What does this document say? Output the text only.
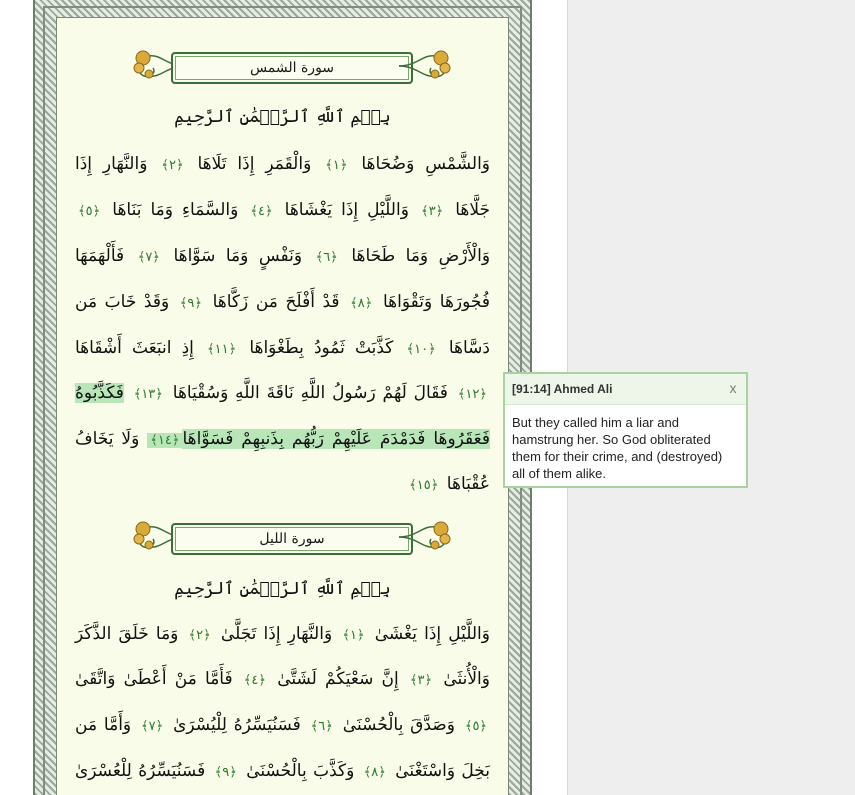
سورة الشمس
بِسۡمِ ٱللَّهِ ٱلرَّحۡمَٰنِ ٱلرَّحِيمِ
وَالشَّمْسِ وَضُحَاهَا ﴿١﴾ وَالْقَمَرِ إِذَا تَلَاهَا ﴿٢﴾ وَالنَّهَارِ إِذَا
جَلَّاهَا ﴿٣﴾ وَاللَّيْلِ إِذَا يَغْشَاهَا ﴿٤﴾ وَالسَّمَاءِ وَمَا بَنَاهَا ﴿٥﴾
وَالْأَرْضِ وَمَا طَحَاهَا ﴿٦﴾ وَنَفْسٍ وَمَا سَوَّاهَا ﴿٧﴾ فَأَلْهَمَهَا
فُجُورَهَا وَتَقْوَاهَا ﴿٨﴾ قَدْ أَفْلَحَ مَن زَكَّاهَا ﴿٩﴾ وَقَدْ خَابَ مَن
دَسَّاهَا ﴿١٠﴾ كَذَّبَتْ ثَمُودُ بِطَغْوَاهَا ﴿١١﴾ إِذِ انبَعَثَ أَشْقَاهَا
﴿١٢﴾ فَقَالَ لَهُمْ رَسُولُ اللَّهِ نَاقَةَ اللَّهِ وَسُقْيَاهَا ﴿١٣﴾ فَكَذَّبُوهُ
فَعَقَرُوهَا فَدَمْدَمَ عَلَيْهِمْ رَبُّهُم بِذَنبِهِمْ فَسَوَّاهَا﴿١٤﴾ وَلَا يَخَافُ
عُقْبَاهَا ﴿١٥﴾
سورة الليل
بِسۡمِ ٱللَّهِ ٱلرَّحۡمَٰنِ ٱلرَّحِيمِ
وَاللَّيْلِ إِذَا يَغْشَىٰ ﴿١﴾ وَالنَّهَارِ إِذَا تَجَلَّىٰ ﴿٢﴾ وَمَا خَلَقَ الذَّكَرَ
وَالْأُنثَىٰ ﴿٣﴾ إِنَّ سَعْيَكُمْ لَشَتَّىٰ ﴿٤﴾ فَأَمَّا مَنْ أَعْطَىٰ وَاتَّقَىٰ
﴿٥﴾ وَصَدَّقَ بِالْحُسْنَىٰ ﴿٦﴾ فَسَنُيَسِّرُهُ لِلْيُسْرَىٰ ﴿٧﴾ وَأَمَّا مَن
بَخِلَ وَاسْتَغْنَىٰ ﴿٨﴾ وَكَذَّبَ بِالْحُسْنَىٰ ﴿٩﴾ فَسَنُيَسِّرُهُ لِلْعُسْرَىٰ
[91:14] Ahmed Ali	x
But they called him a liar and hamstrung her. So God obliterated them for their crime, and (destroyed) all of them alike.
